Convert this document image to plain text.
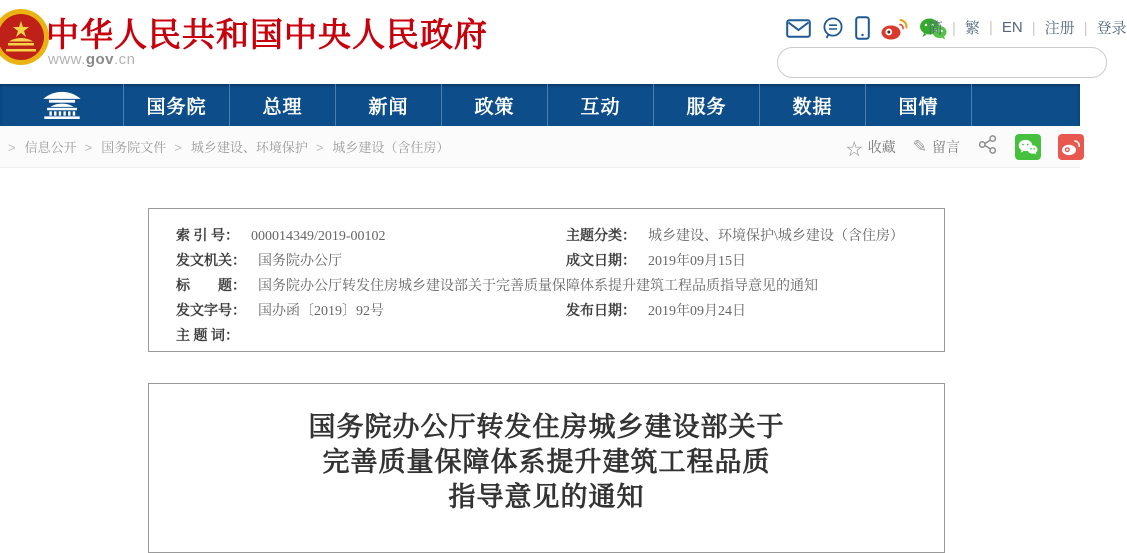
中华人民共和国中央人民政府
www.gov.cn
简	| 繁	| EN	| 注册	| 登录
国务院	总理	新闻	政策	互动	服务	数据	国情
> 信息公开	> 国务院文件	> 城乡建设、环境保护	> 城乡建设（含住房）	☆ 收藏 ✎ 留言
索 引 号： 000014349/2019-00102	主题分类： 城乡建设、环境保护\城乡建设（含住房）
发文机关： 国务院办公厅	成文日期： 2019年09月15日
标　　题： 国务院办公厅转发住房城乡建设部关于完善质量保障体系提升建筑工程品质指导意见的通知
发文字号： 国办函〔2019〕92号	发布日期： 2019年09月24日
主 题 词：
国务院办公厅转发住房城乡建设部关于
完善质量保障体系提升建筑工程品质
指导意见的通知
